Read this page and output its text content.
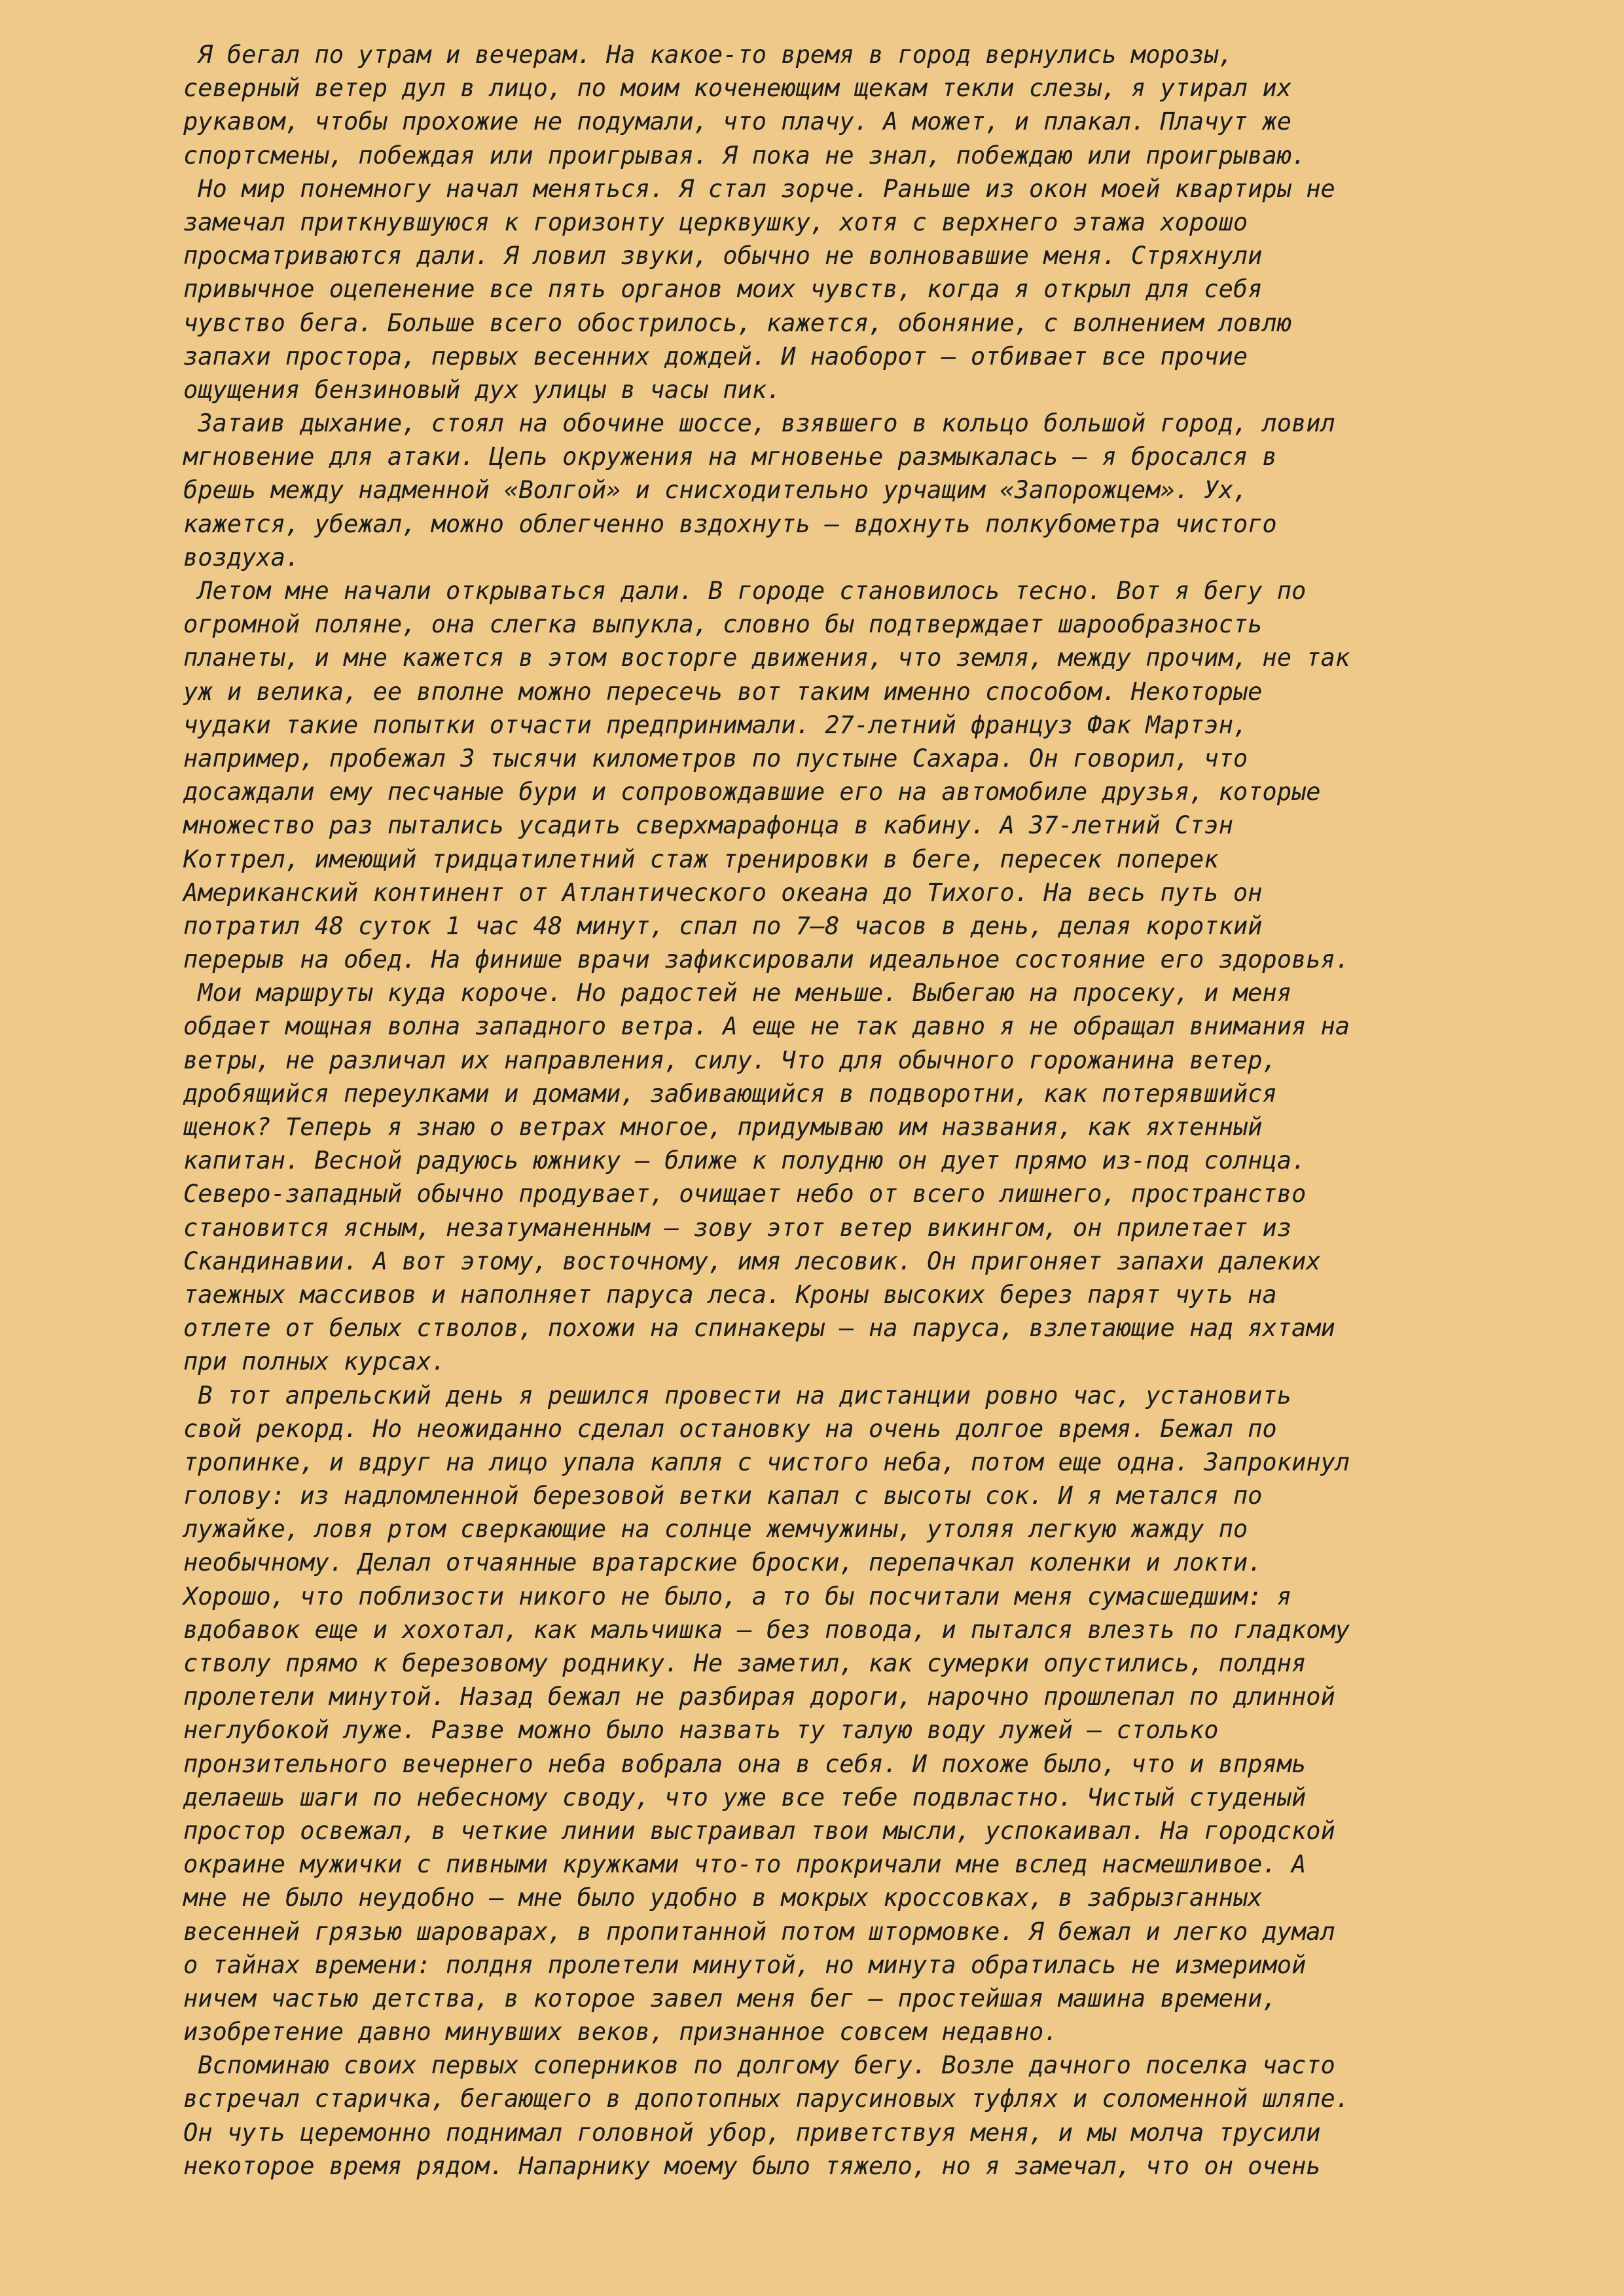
Я бегал по утрам и вечерам. На какое-то время в город вернулись морозы,
северный ветер дул в лицо, по моим коченеющим щекам текли слезы, я утирал их
рукавом, чтобы прохожие не подумали, что плачу. А может, и плакал. Плачут же
спортсмены, побеждая или проигрывая. Я пока не знал, побеждаю или проигрываю.
Но мир понемногу начал меняться. Я стал зорче. Раньше из окон моей квартиры не
замечал приткнувшуюся к горизонту церквушку, хотя с верхнего этажа хорошо
просматриваются дали. Я ловил звуки, обычно не волновавшие меня. Стряхнули
привычное оцепенение все пять органов моих чувств, когда я открыл для себя
чувство бега. Больше всего обострилось, кажется, обоняние, с волнением ловлю
запахи простора, первых весенних дождей. И наоборот – отбивает все прочие
ощущения бензиновый дух улицы в часы пик.
Затаив дыхание, стоял на обочине шоссе, взявшего в кольцо большой город, ловил
мгновение для атаки. Цепь окружения на мгновенье размыкалась – я бросался в
брешь между надменной «Волгой» и снисходительно урчащим «Запорожцем». Ух,
кажется, убежал, можно облегченно вздохнуть – вдохнуть полкубометра чистого
воздуха.
Летом мне начали открываться дали. В городе становилось тесно. Вот я бегу по
огромной поляне, она слегка выпукла, словно бы подтверждает шарообразность
планеты, и мне кажется в этом восторге движения, что земля, между прочим, не так
уж и велика, ее вполне можно пересечь вот таким именно способом. Некоторые
чудаки такие попытки отчасти предпринимали. 27-летний француз Фак Мартэн,
например, пробежал 3 тысячи километров по пустыне Сахара. Он говорил, что
досаждали ему песчаные бури и сопровождавшие его на автомобиле друзья, которые
множество раз пытались усадить сверхмарафонца в кабину. А 37-летний Стэн
Коттрел, имеющий тридцатилетний стаж тренировки в беге, пересек поперек
Американский континент от Атлантического океана до Тихого. На весь путь он
потратил 48 суток 1 час 48 минут, спал по 7–8 часов в день, делая короткий
перерыв на обед. На финише врачи зафиксировали идеальное состояние его здоровья.
Мои маршруты куда короче. Но радостей не меньше. Выбегаю на просеку, и меня
обдает мощная волна западного ветра. А еще не так давно я не обращал внимания на
ветры, не различал их направления, силу. Что для обычного горожанина ветер,
дробящийся переулками и домами, забивающийся в подворотни, как потерявшийся
щенок? Теперь я знаю о ветрах многое, придумываю им названия, как яхтенный
капитан. Весной радуюсь южнику – ближе к полудню он дует прямо из-под солнца.
Северо-западный обычно продувает, очищает небо от всего лишнего, пространство
становится ясным, незатуманенным – зову этот ветер викингом, он прилетает из
Скандинавии. А вот этому, восточному, имя лесовик. Он пригоняет запахи далеких
таежных массивов и наполняет паруса леса. Кроны высоких берез парят чуть на
отлете от белых стволов, похожи на спинакеры – на паруса, взлетающие над яхтами
при полных курсах.
В тот апрельский день я решился провести на дистанции ровно час, установить
свой рекорд. Но неожиданно сделал остановку на очень долгое время. Бежал по
тропинке, и вдруг на лицо упала капля с чистого неба, потом еще одна. Запрокинул
голову: из надломленной березовой ветки капал с высоты сок. И я метался по
лужайке, ловя ртом сверкающие на солнце жемчужины, утоляя легкую жажду по
необычному. Делал отчаянные вратарские броски, перепачкал коленки и локти.
Хорошо, что поблизости никого не было, а то бы посчитали меня сумасшедшим: я
вдобавок еще и хохотал, как мальчишка – без повода, и пытался влезть по гладкому
стволу прямо к березовому роднику. Не заметил, как сумерки опустились, полдня
пролетели минутой. Назад бежал не разбирая дороги, нарочно прошлепал по длинной
неглубокой луже. Разве можно было назвать ту талую воду лужей – столько
пронзительного вечернего неба вобрала она в себя. И похоже было, что и впрямь
делаешь шаги по небесному своду, что уже все тебе подвластно. Чистый студеный
простор освежал, в четкие линии выстраивал твои мысли, успокаивал. На городской
окраине мужички с пивными кружками что-то прокричали мне вслед насмешливое. А
мне не было неудобно – мне было удобно в мокрых кроссовках, в забрызганных
весенней грязью шароварах, в пропитанной потом штормовке. Я бежал и легко думал
о тайнах времени: полдня пролетели минутой, но минута обратилась не измеримой
ничем частью детства, в которое завел меня бег – простейшая машина времени,
изобретение давно минувших веков, признанное совсем недавно.
Вспоминаю своих первых соперников по долгому бегу. Возле дачного поселка часто
встречал старичка, бегающего в допотопных парусиновых туфлях и соломенной шляпе.
Он чуть церемонно поднимал головной убор, приветствуя меня, и мы молча трусили
некоторое время рядом. Напарнику моему было тяжело, но я замечал, что он очень
